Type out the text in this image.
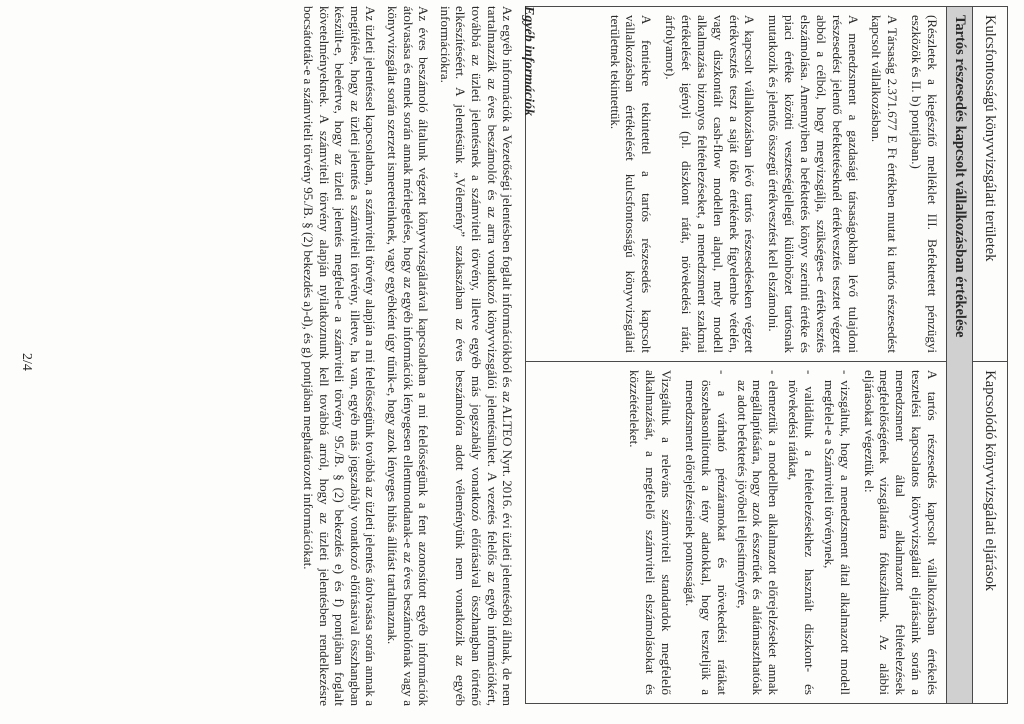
Kulcsfontosságú könyvvizsgálati területek
Kapcsolódó könyvvizsgálati eljárások
Tartós részesedés kapcsolt vállalkozásban értékelése

(Részletek a kiegészítő melléklet III. Befektetett pénzügyi eszközök és II. b) pontjában.)

A Társaság 2.371.677 E Ft értékben mutat ki tartós részesedést kapcsolt vállalkozásban.

A menedzsment a gazdasági társaságokban lévő tulajdoni részesedést jelentő befektetéseknél értékvesztés tesztet végzett abból a célból, hogy megvizsgálja, szükséges-e értékvesztés elszámolása. Amennyiben a befektetés könyv szerinti értéke és piaci értéke közötti veszteségjellegű különbözet tartósnak mutatkozik és jelentős összegű értékvesztést kell elszámolni.

A kapcsolt vállalkozásban lévő tartós részesedéseken végzett értékvesztés teszt a saját tőke értékének figyelembe vételén, vagy diszkontált cash-flow modellen alapul, mely modell alkalmazása bizonyos feltételezéseket, a menedzsment szakmai értékelését igényli (pl. diszkont rátát, növekedési rátát, árfolyamot).

A fentiekre tekintettel a tartós részesedés kapcsolt vállalkozásban értékelését kulcsfontosságú könyvvizsgálati területnek tekintettük.

A tartós részesedés kapcsolt vállalkozásban értékelés tesztelési kapcsolatos könyvvizsgálati eljárásaink során a menedzsment által alkalmazott feltételezések megfelelőségének vizsgálatára fókuszáltunk. Az alábbi eljárásokat végeztük el:

- vizsgáltuk, hogy a menedzsment által alkalmazott modell megfelel-e a Számviteli törvénynek,
- validáltuk a feltételezésekhez használt diszkont- és növekedési rátákat,
- elemeztük a modellben alkalmazott előrejelzéseket annak megállapítására, hogy azok ésszerűek és alátámaszthatóak az adott befektetés jövőbeli teljesítményére,
- a várható pénzáramokat és növekedési rátákat összehasonlítottuk a tény adatokkal, hogy teszteljük a menedzsment előrejelzéseinek pontosságát.

Vizsgáltuk a releváns számviteli standardok megfelelő alkalmazását, a megfelelő számviteli elszámolásokat és közzétételeket.

Egyéb információk

Az egyéb információk a Vezetőségi jelentésben foglalt információkból és az ALTEO Nyrt. 2016. évi üzleti jelentéséből állnak, de nem tartalmazzák az éves beszámolót és az arra vonatkozó könyvvizsgálói jelentésünket. A vezetés felelős az egyéb információkért, továbbá az üzleti jelentésnek a számviteli törvény, illetve egyéb más jogszabály vonatkozó előírásaival összhangban történő elkészítéséért. A jelentésünk „Vélemény” szakaszában az éves beszámolóra adott véleményünk nem vonatkozik az egyéb információkra.

Az éves beszámoló általunk végzett könyvvizsgálatával kapcsolatban a mi felelősségünk a fent azonosított egyéb információk átolvasása és ennek során annak mérlegelése, hogy az egyéb információk lényegesen ellentmondanak-e az éves beszámolónak vagy a könyvvizsgálat során szerzett ismereteinknek, vagy egyébként úgy tűnik-e, hogy azok lényeges hibás állítást tartalmaznak.

Az üzleti jelentéssel kapcsolatban, a számviteli törvény alapján a mi felelősségünk továbbá az üzleti jelentés átolvasása során annak a megítélése, hogy az üzleti jelentés a számviteli törvény, illetve, ha van, egyéb más jogszabály vonatkozó előírásaival összhangban készült-e, beleértve, hogy az üzleti jelentés megfelel-e a számviteli törvény 95./B. § (2) bekezdés e) és f) pontjában foglalt követelményeknek. A számviteli törvény alapján nyilatkoznunk kell továbbá arról, hogy az üzleti jelentésben rendelkezésre bocsátották-e a számviteli törvény 95./B. § (2) bekezdés a)-d), és g) pontjában meghatározott információkat.

2/4
